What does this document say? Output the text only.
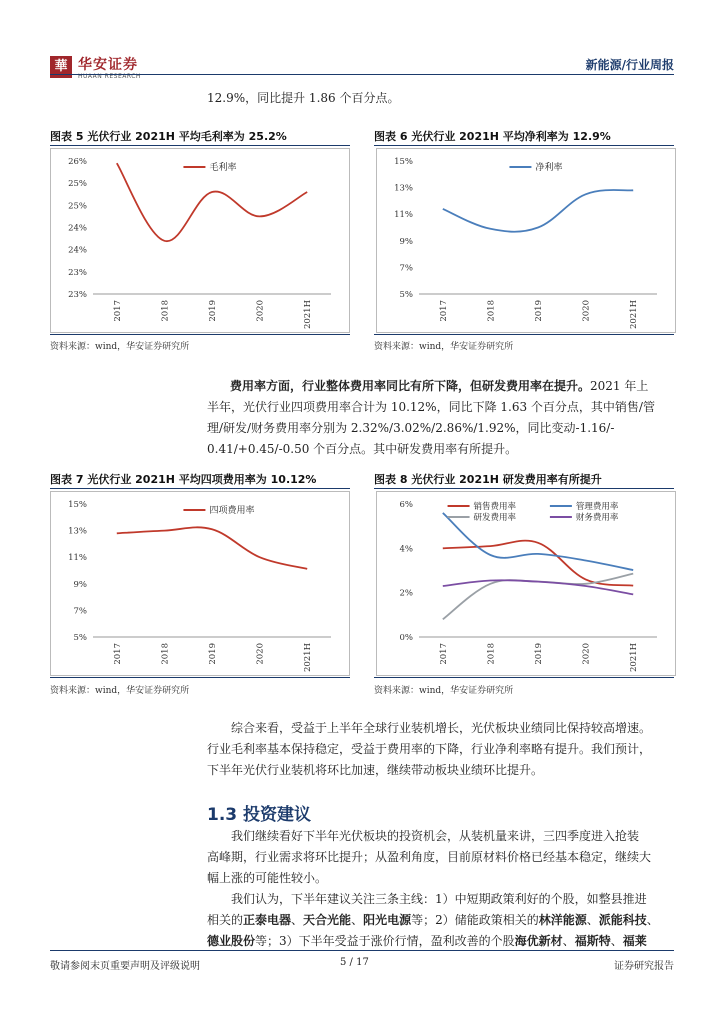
華 华安证券
HUAAN RESEARCH
新能源/行业周报
12.9%，同比提升 1.86 个百分点。
图表 5 光伏行业 2021H 平均毛利率为 25.2%
23%
23%
24%
24%
25%
25%
26%
2017	2018	2019	2020	2021H
毛利率
资料来源：wind，华安证券研究所
图表 6 光伏行业 2021H 平均净利率为 12.9%
5%
7%
9%
11%
13%
15%
2017	2018	2019	2020	2021H
净利率
资料来源：wind，华安证券研究所
费用率方面，行业整体费用率同比有所下降，但研发费用率在提升。2021 年上
半年，光伏行业四项费用率合计为 10.12%，同比下降 1.63 个百分点，其中销售/管
理/研发/财务费用率分别为 2.32%/3.02%/2.86%/1.92%，同比变动-1.16/-
0.41/+0.45/-0.50 个百分点。其中研发费用率有所提升。
图表 7 光伏行业 2021H 平均四项费用率为 10.12%
5%
7%
9%
11%
13%
15%
2017	2018	2019	2020	2021H
四项费用率
资料来源：wind，华安证券研究所
图表 8 光伏行业 2021H 研发费用率有所提升
0%
2%
4%
6%
2017	2018	2019	2020	2021H
销售费用率	管理费用率
研发费用率	财务费用率
资料来源：wind，华安证券研究所
综合来看，受益于上半年全球行业装机增长，光伏板块业绩同比保持较高增速。
行业毛利率基本保持稳定，受益于费用率的下降，行业净利率略有提升。我们预计，
下半年光伏行业装机将环比加速，继续带动板块业绩环比提升。
1.3 投资建议
我们继续看好下半年光伏板块的投资机会，从装机量来讲，三四季度进入抢装
高峰期，行业需求将环比提升；从盈利角度，目前原材料价格已经基本稳定，继续大
幅上涨的可能性较小。
我们认为，下半年建议关注三条主线：1）中短期政策利好的个股，如整县推进
相关的正泰电器、天合光能、阳光电源等；2）储能政策相关的林洋能源、派能科技、
德业股份等；3）下半年受益于涨价行情，盈利改善的个股海优新材、福斯特、福莱
敬请参阅末页重要声明及评级说明	5 / 17	证券研究报告
